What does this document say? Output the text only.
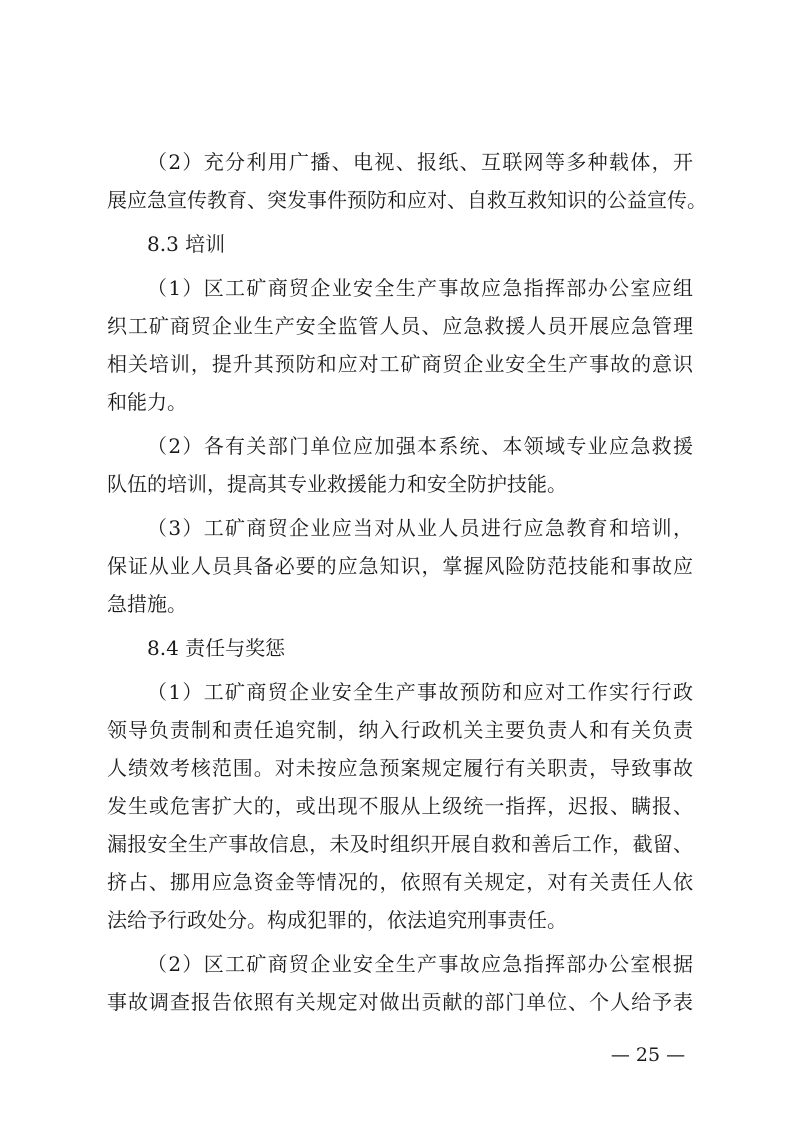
（2）充分利用广播、电视、报纸、互联网等多种载体，开
展应急宣传教育、突发事件预防和应对、自救互救知识的公益宣传。
8.3 培训
（1）区工矿商贸企业安全生产事故应急指挥部办公室应组
织工矿商贸企业生产安全监管人员、应急救援人员开展应急管理
相关培训，提升其预防和应对工矿商贸企业安全生产事故的意识
和能力。
（2）各有关部门单位应加强本系统、本领域专业应急救援
队伍的培训，提高其专业救援能力和安全防护技能。
（3）工矿商贸企业应当对从业人员进行应急教育和培训，
保证从业人员具备必要的应急知识，掌握风险防范技能和事故应
急措施。
8.4 责任与奖惩
（1）工矿商贸企业安全生产事故预防和应对工作实行行政
领导负责制和责任追究制，纳入行政机关主要负责人和有关负责
人绩效考核范围。对未按应急预案规定履行有关职责，导致事故
发生或危害扩大的，或出现不服从上级统一指挥，迟报、瞒报、
漏报安全生产事故信息，未及时组织开展自救和善后工作，截留、
挤占、挪用应急资金等情况的，依照有关规定，对有关责任人依
法给予行政处分。构成犯罪的，依法追究刑事责任。
（2）区工矿商贸企业安全生产事故应急指挥部办公室根据
事故调查报告依照有关规定对做出贡献的部门单位、个人给予表
— 25 —
